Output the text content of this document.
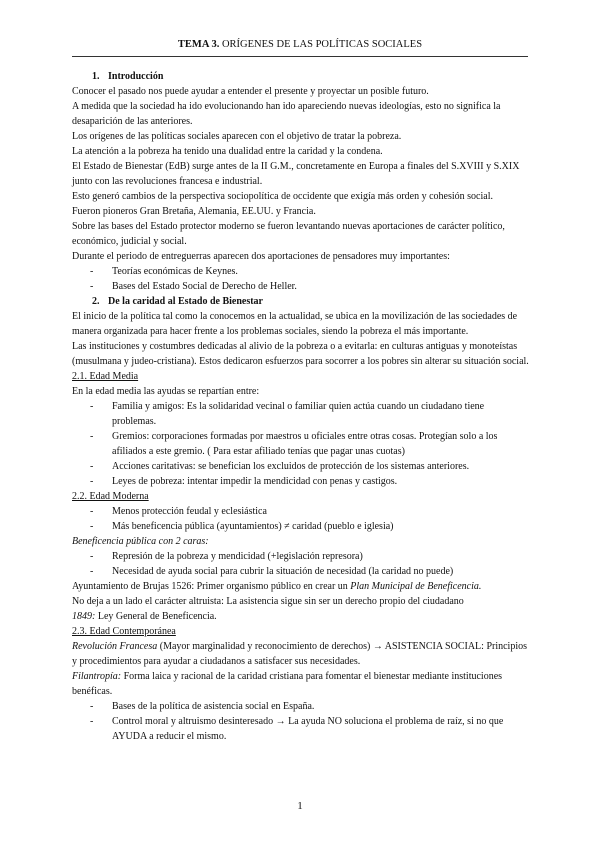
TEMA 3. ORÍGENES DE LAS POLÍTICAS SOCIALES

1. Introducción

Conocer el pasado nos puede ayudar a entender el presente y proyectar un posible futuro.

A medida que la sociedad ha ido evolucionando han ido apareciendo nuevas ideologías, esto no significa la desaparición de las anteriores.

Los orígenes de las políticas sociales aparecen con el objetivo de tratar la pobreza.

La atención a la pobreza ha tenido una dualidad entre la caridad y la condena.

El Estado de Bienestar (EdB) surge antes de la II G.M., concretamente en Europa a finales del S.XVIII y S.XIX junto con las revoluciones francesa e industrial.

Esto generó cambios de la perspectiva sociopolítica de occidente que exigía más orden y cohesión social.

Fueron pioneros Gran Bretaña, Alemania, EE.UU. y Francia.

Sobre las bases del Estado protector moderno se fueron levantando nuevas aportaciones de carácter político, económico, judicial y social.

Durante el periodo de entreguerras aparecen dos aportaciones de pensadores muy importantes:

- Teorías económicas de Keynes.
- Bases del Estado Social de Derecho de Heller.

2. De la caridad al Estado de Bienestar

El inicio de la política tal como la conocemos en la actualidad, se ubica en la movilización de las sociedades de manera organizada para hacer frente a los problemas sociales, siendo la pobreza el más importante.

Las instituciones y costumbres dedicadas al alivio de la pobreza o a evitarla: en culturas antiguas y monoteístas (musulmana y judeo-cristiana). Estos dedicaron esfuerzos para socorrer a los pobres sin alterar su situación social.

2.1. Edad Media

En la edad media las ayudas se repartían entre:

- Familia y amigos: Es la solidaridad vecinal o familiar quien actúa cuando un ciudadano tiene problemas.
- Gremios: corporaciones formadas por maestros u oficiales entre otras cosas. Protegían solo a los afiliados a este gremio. ( Para estar afiliado tenías que pagar unas cuotas)
- Acciones caritativas: se benefician los excluidos de protección de los sistemas anteriores.
- Leyes de pobreza: intentar impedir la mendicidad con penas y castigos.

2.2. Edad Moderna

- Menos protección feudal y eclesiástica
- Más beneficencia pública (ayuntamientos) ≠ caridad (pueblo e iglesia)

Beneficencia pública con 2 caras:

- Represión de la pobreza y mendicidad (+legislación represora)
- Necesidad de ayuda social para cubrir la situación de necesidad (la caridad no puede)

Ayuntamiento de Brujas 1526: Primer organismo público en crear un Plan Municipal de Beneficencia.

No deja a un lado el carácter altruista: La asistencia sigue sin ser un derecho propio del ciudadano

1849: Ley General de Beneficencia.

2.3. Edad Contemporánea

Revolución Francesa (Mayor marginalidad y reconocimiento de derechos) → ASISTENCIA SOCIAL: Principios y procedimientos para ayudar a ciudadanos a satisfacer sus necesidades.

Filantropía: Forma laica y racional de la caridad cristiana para fomentar el bienestar mediante instituciones benéficas.

- Bases de la política de asistencia social en España.
- Control moral y altruismo desinteresado → La ayuda NO soluciona el problema de raíz, si no que AYUDA a reducir el mismo.
1
